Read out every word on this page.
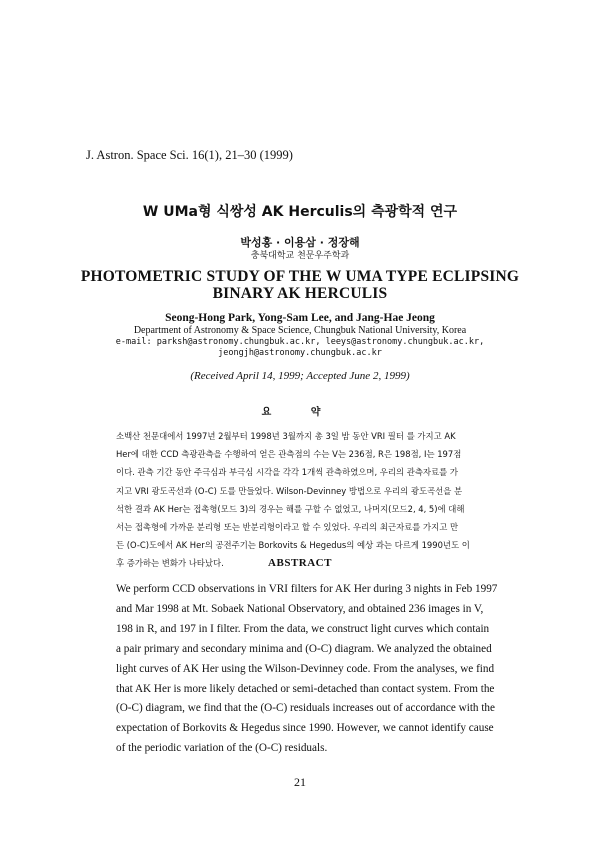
J. Astron. Space Sci. 16(1), 21–30 (1999)
W UMa형 식쌍성 AK Herculis의 측광학적 연구
박성홍 · 이용삼 · 정장해
충북대학교 천문우주학과
PHOTOMETRIC STUDY OF THE W UMA TYPE ECLIPSING
BINARY AK HERCULIS
Seong-Hong Park, Yong-Sam Lee, and Jang-Hae Jeong
Department of Astronomy & Space Science, Chungbuk National University, Korea
e-mail: parksh@astronomy.chungbuk.ac.kr, leeys@astronomy.chungbuk.ac.kr,
jeongjh@astronomy.chungbuk.ac.kr
(Received April 14, 1999; Accepted June 2, 1999)
요 약
소백산 천문대에서 1997년 2월부터 1998년 3월까지 총 3일 밤 동안 VRI 필터 를 가지고 AK
Her에 대한 CCD 측광관측을 수행하여 얻은 관측점의 수는 V는 236점, R은 198점, I는 197점
이다. 관측 기간 동안 주극심과 부극심 시각을 각각 1개씩 관측하였으며, 우리의 관측자료를 가
지고 VRI 광도곡선과 (O-C) 도를 만들었다. Wilson-Devinney 방법으로 우리의 광도곡선을 분
석한 결과 AK Her는 접촉형(모드 3)의 경우는 해를 구할 수 없었고, 나머지(모드2, 4, 5)에 대해
서는 접촉형에 가까운 분리형 또는 반분리형이라고 할 수 있었다. 우리의 최근자료를 가지고 만
든 (O-C)도에서 AK Her의 공전주기는 Borkovits & Hegedus의 예상 과는 다르게 1990년도 이
후 증가하는 변화가 나타났다.	ABSTRACT
We perform CCD observations in VRI filters for AK Her during 3 nights in Feb 1997
and Mar 1998 at Mt. Sobaek National Observatory, and obtained 236 images in V,
198 in R, and 197 in I filter. From the data, we construct light curves which contain
a pair primary and secondary minima and (O-C) diagram. We analyzed the obtained
light curves of AK Her using the Wilson-Devinney code. From the analyses, we find
that AK Her is more likely detached or semi-detached than contact system. From the
(O-C) diagram, we find that the (O-C) residuals increases out of accordance with the
expectation of Borkovits & Hegedus since 1990. However, we cannot identify cause
of the periodic variation of the (O-C) residuals.
21
